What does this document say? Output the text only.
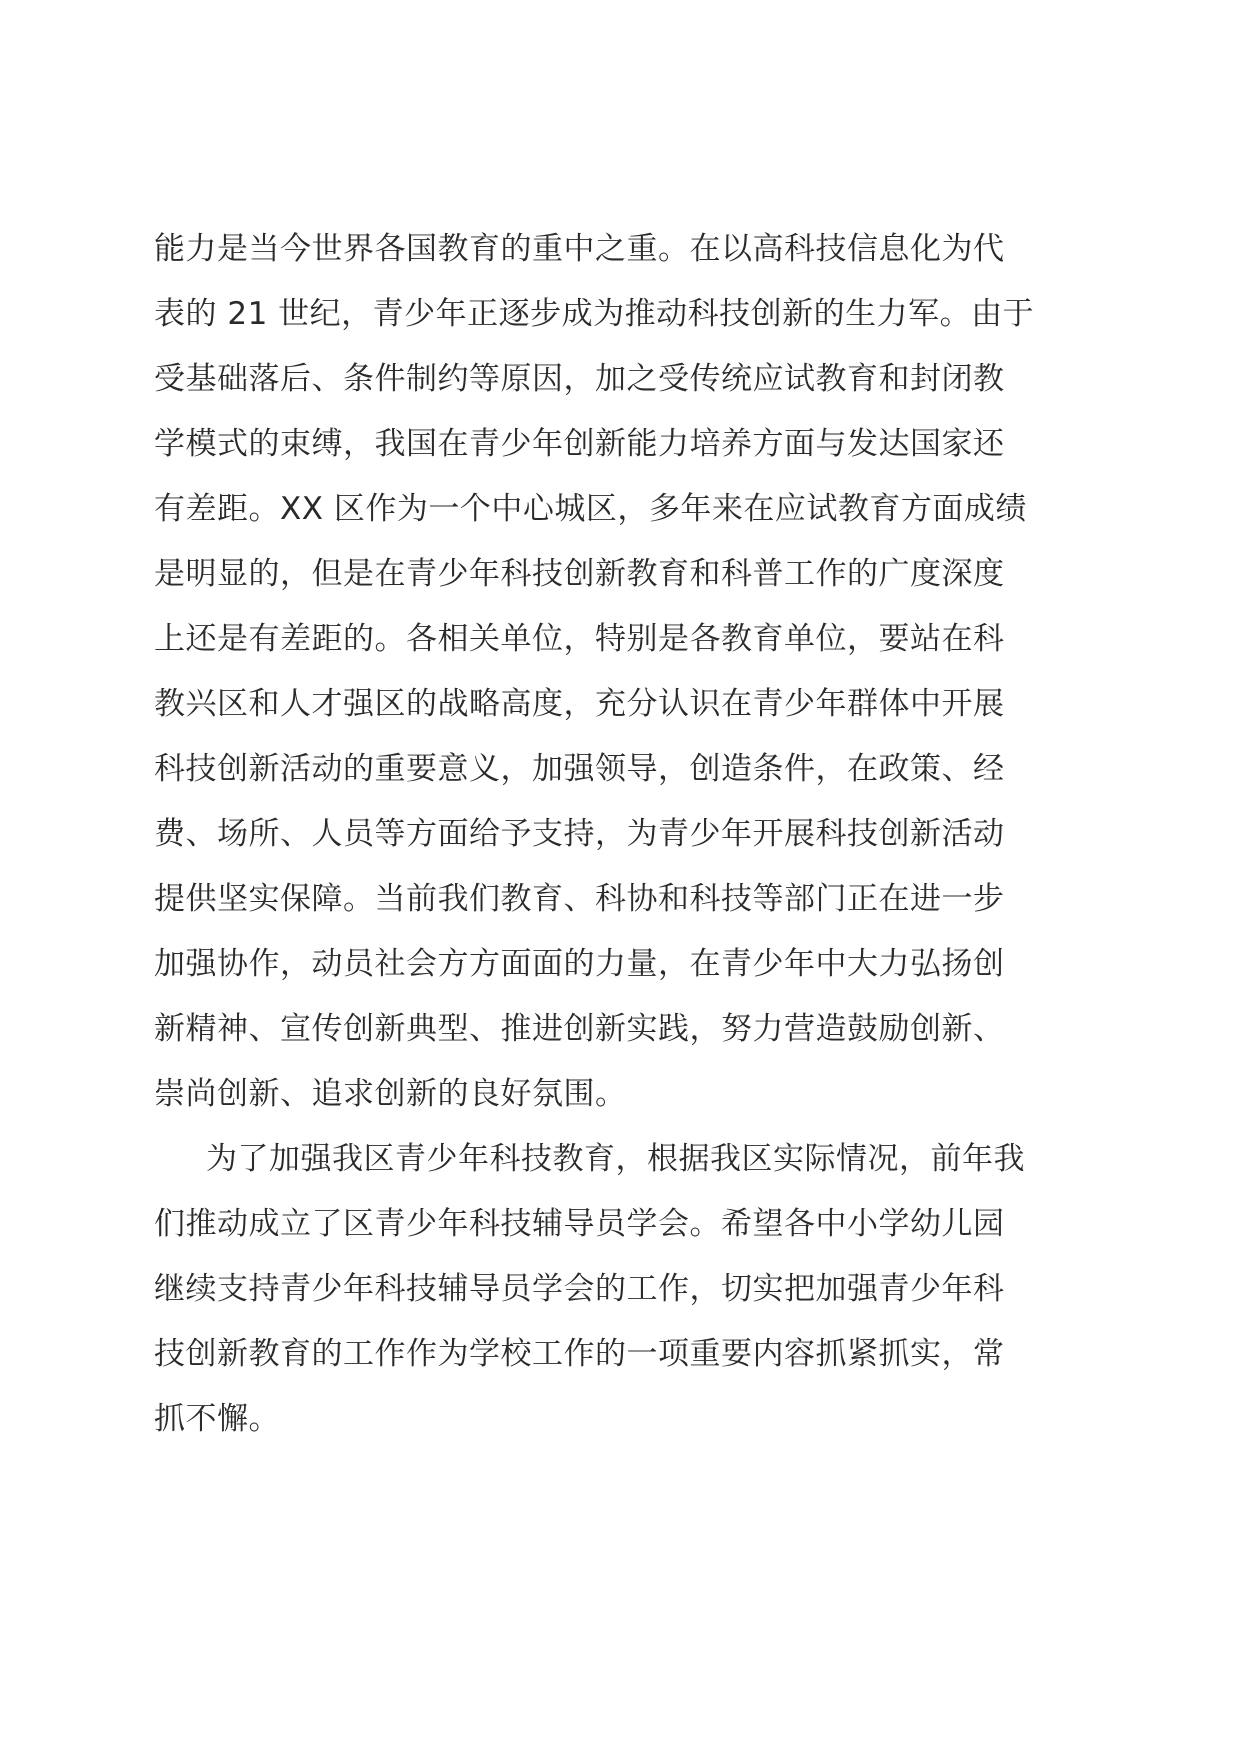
能力是当今世界各国教育的重中之重。在以高科技信息化为代
表的 21 世纪，青少年正逐步成为推动科技创新的生力军。由于
受基础落后、条件制约等原因，加之受传统应试教育和封闭教
学模式的束缚，我国在青少年创新能力培养方面与发达国家还
有差距。XX 区作为一个中心城区，多年来在应试教育方面成绩
是明显的，但是在青少年科技创新教育和科普工作的广度深度
上还是有差距的。各相关单位，特别是各教育单位，要站在科
教兴区和人才强区的战略高度，充分认识在青少年群体中开展
科技创新活动的重要意义，加强领导，创造条件，在政策、经
费、场所、人员等方面给予支持，为青少年开展科技创新活动
提供坚实保障。当前我们教育、科协和科技等部门正在进一步
加强协作，动员社会方方面面的力量，在青少年中大力弘扬创
新精神、宣传创新典型、推进创新实践，努力营造鼓励创新、
崇尚创新、追求创新的良好氛围。
为了加强我区青少年科技教育，根据我区实际情况，前年我
们推动成立了区青少年科技辅导员学会。希望各中小学幼儿园
继续支持青少年科技辅导员学会的工作，切实把加强青少年科
技创新教育的工作作为学校工作的一项重要内容抓紧抓实，常
抓不懈。
